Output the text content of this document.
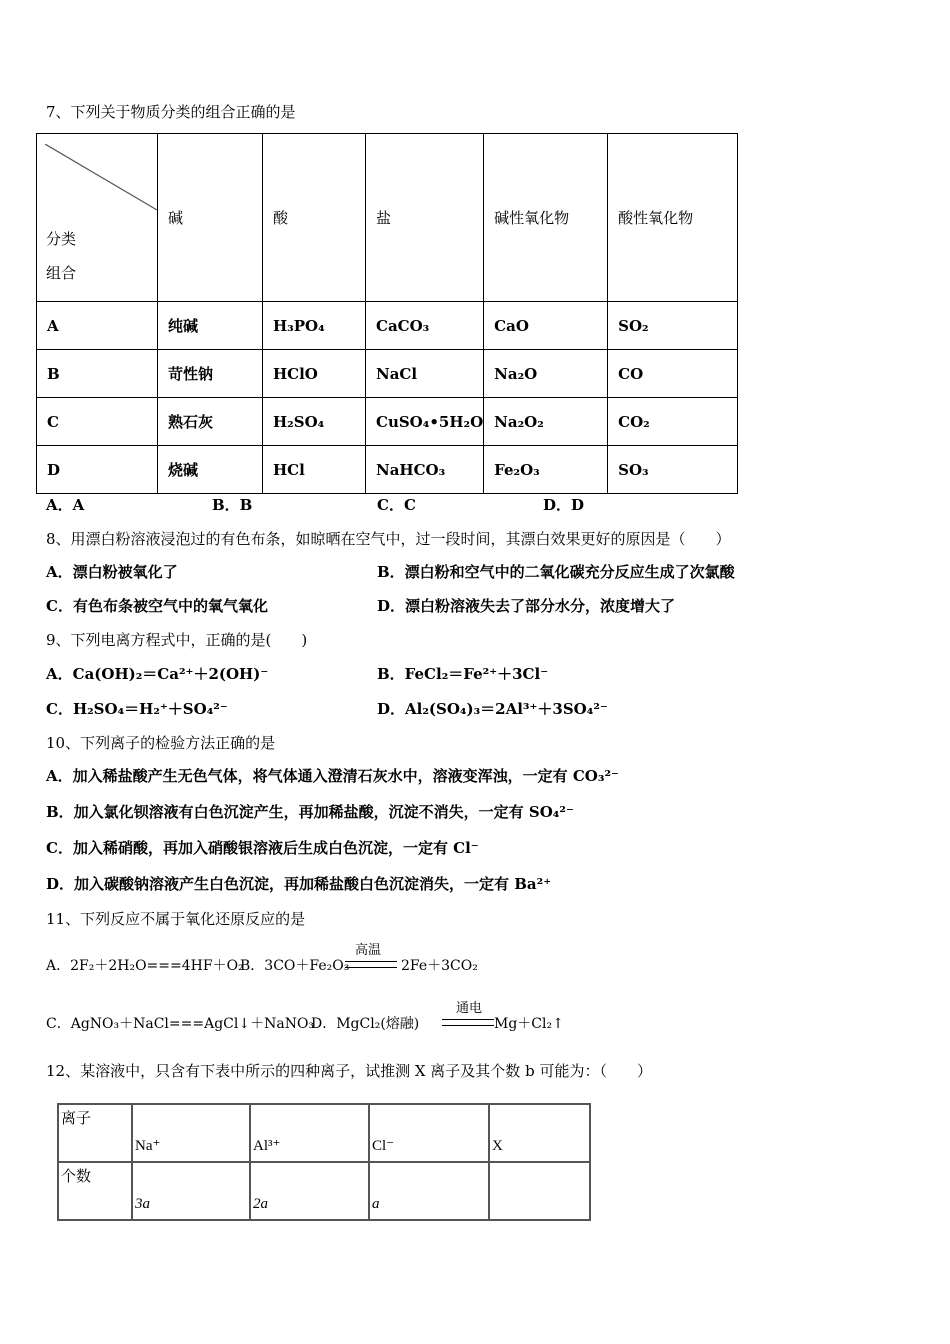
7、下列关于物质分类的组合正确的是
分类
组合	碱	酸	盐	碱性氧化物	酸性氧化物
A	纯碱	H₃PO₄	CaCO₃	CaO	SO₂
B	苛性钠	HClO	NaCl	Na₂O	CO
C	熟石灰	H₂SO₄	CuSO₄•5H₂O	Na₂O₂	CO₂
D	烧碱	HCl	NaHCO₃	Fe₂O₃	SO₃
A．A	B．B	C．C	D．D
8、用漂白粉溶液浸泡过的有色布条，如晾晒在空气中，过一段时间，其漂白效果更好的原因是（　　）
A．漂白粉被氧化了	B．漂白粉和空气中的二氧化碳充分反应生成了次氯酸
C．有色布条被空气中的氧气氧化	D．漂白粉溶液失去了部分水分，浓度增大了
9、下列电离方程式中，正确的是(　　)
A．Ca(OH)₂＝Ca²⁺＋2(OH)⁻	B．FeCl₂＝Fe²⁺＋3Cl⁻
C．H₂SO₄＝H₂⁺＋SO₄²⁻	D．Al₂(SO₄)₃＝2Al³⁺＋3SO₄²⁻
10、下列离子的检验方法正确的是
A．加入稀盐酸产生无色气体，将气体通入澄清石灰水中，溶液变浑浊，一定有 CO₃²⁻
B．加入氯化钡溶液有白色沉淀产生，再加稀盐酸，沉淀不消失，一定有 SO₄²⁻
C．加入稀硝酸，再加入硝酸银溶液后生成白色沉淀，一定有 Cl⁻
D．加入碳酸钠溶液产生白色沉淀，再加稀盐酸白色沉淀消失，一定有 Ba²⁺
11、下列反应不属于氧化还原反应的是
A．2F₂＋2H₂O===4HF＋O₂
B．3CO＋Fe₂O₃
高温
2Fe＋3CO₂
C．AgNO₃＋NaCl===AgCl↓＋NaNO₃
D．MgCl₂(熔融)
通电
Mg＋Cl₂↑
12、某溶液中，只含有下表中所示的四种离子，试推测 X 离子及其个数 b 可能为：（　　）
离子	Na⁺	Al³⁺	Cl⁻	X

个数	3a	2a	a	
